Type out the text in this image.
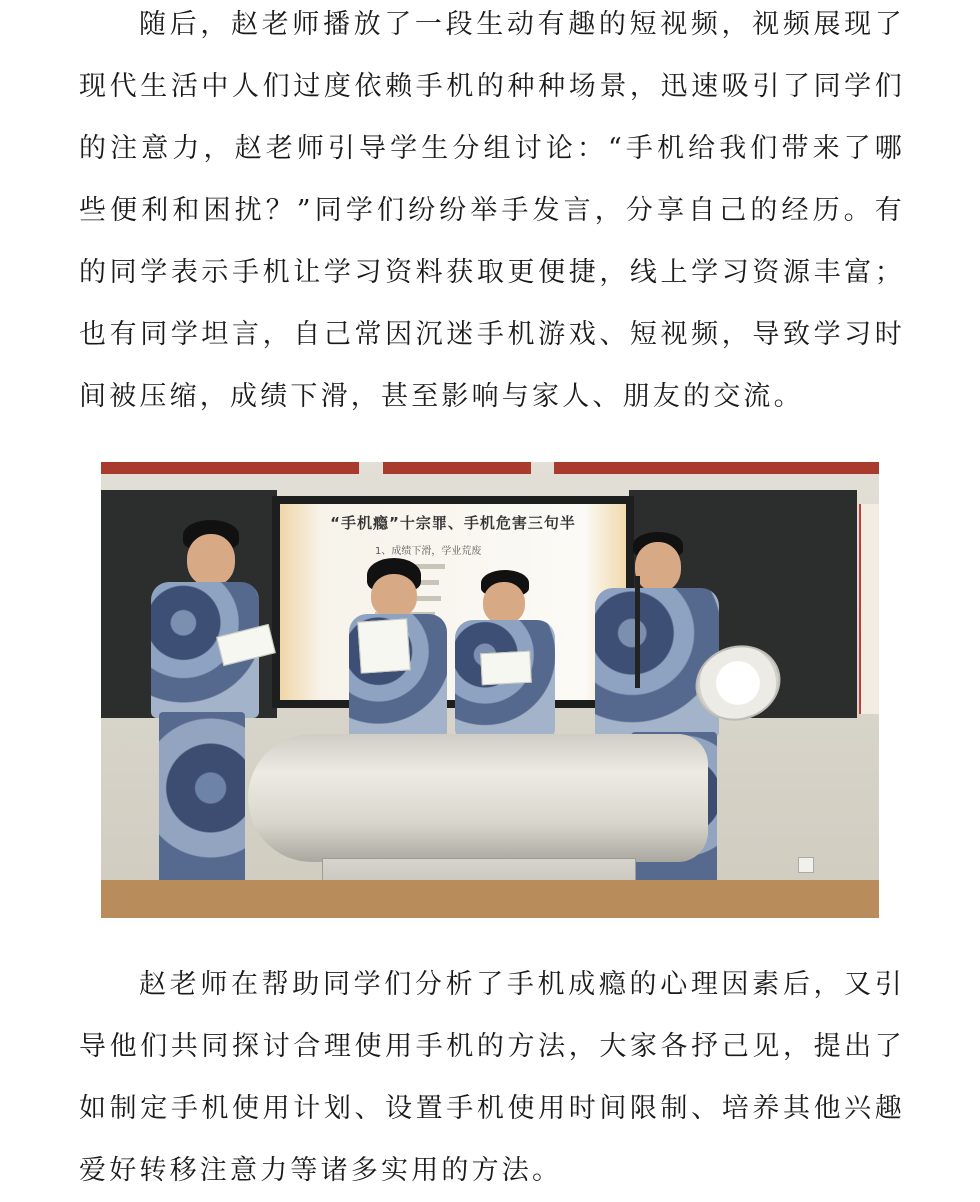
随后，赵老师播放了一段生动有趣的短视频，视频展现了现代生活中人们过度依赖手机的种种场景，迅速吸引了同学们的注意力，赵老师引导学生分组讨论：“手机给我们带来了哪些便利和困扰？”同学们纷纷举手发言，分享自己的经历。有的同学表示手机让学习资料获取更便捷，线上学习资源丰富；也有同学坦言，自己常因沉迷手机游戏、短视频，导致学习时间被压缩，成绩下滑，甚至影响与家人、朋友的交流。

“手机瘾”十宗罪、手机危害三句半
1、成绩下滑，学业荒废

赵老师在帮助同学们分析了手机成瘾的心理因素后，又引导他们共同探讨合理使用手机的方法，大家各抒己见，提出了如制定手机使用计划、设置手机使用时间限制、培养其他兴趣爱好转移注意力等诸多实用的方法。
